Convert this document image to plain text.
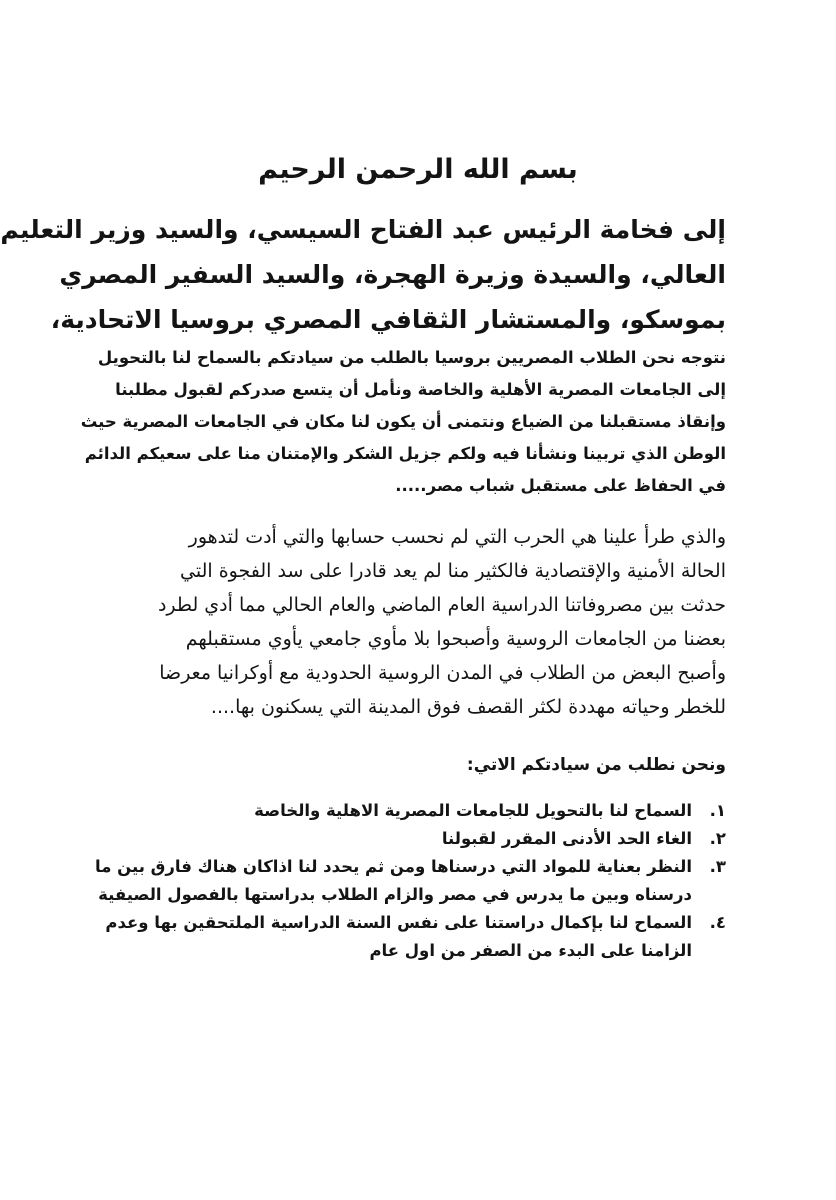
بسم الله الرحمن الرحيم
إلى فخامة الرئيس عبد الفتاح السيسي، والسيد وزير التعليم
العالي، والسيدة وزيرة الهجرة، والسيد السفير المصري
بموسكو، والمستشار الثقافي المصري بروسيا الاتحادية،

نتوجه نحن الطلاب المصريين بروسيا بالطلب من سيادتكم بالسماح لنا بالتحويل
إلى الجامعات المصرية الأهلية والخاصة ونأمل أن يتسع صدركم لقبول مطلبنا
وإنقاذ مستقبلنا من الضياع ونتمنى أن يكون لنا مكان في الجامعات المصرية حيث
الوطن الذي تربينا ونشأنا فيه ولكم جزيل الشكر والإمتنان منا على سعيكم الدائم
في الحفاظ على مستقبل شباب مصر.....

والذي طرأ علينا هي الحرب التي لم نحسب حسابها والتي أدت لتدهور
الحالة الأمنية والإقتصادية فالكثير منا لم يعد قادرا على سد الفجوة التي
حدثت بين مصروفاتنا الدراسية العام الماضي والعام الحالي مما أدي لطرد
بعضنا من الجامعات الروسية وأصبحوا بلا مأوي جامعي يأوي مستقبلهم
وأصبح البعض من الطلاب في المدن الروسية الحدودية مع أوكرانيا معرضا
للخطر وحياته مهددة لكثر القصف فوق المدينة التي يسكنون بها....

ونحن نطلب من سيادتكم الاتي:

١.
السماح لنا بالتحويل للجامعات المصرية الاهلية والخاصة
٢.
الغاء الحد الأدنى المقرر لقبولنا
٣.
النظر بعناية للمواد التي درسناها ومن ثم يحدد لنا اذاكان هناك فارق بين ما
درسناه وبين ما يدرس في مصر والزام الطلاب بدراستها بالفصول الصيفية
٤.
السماح لنا بإكمال دراستنا على نفس السنة الدراسية الملتحقين بها وعدم
الزامنا على البدء من الصفر من اول عام
